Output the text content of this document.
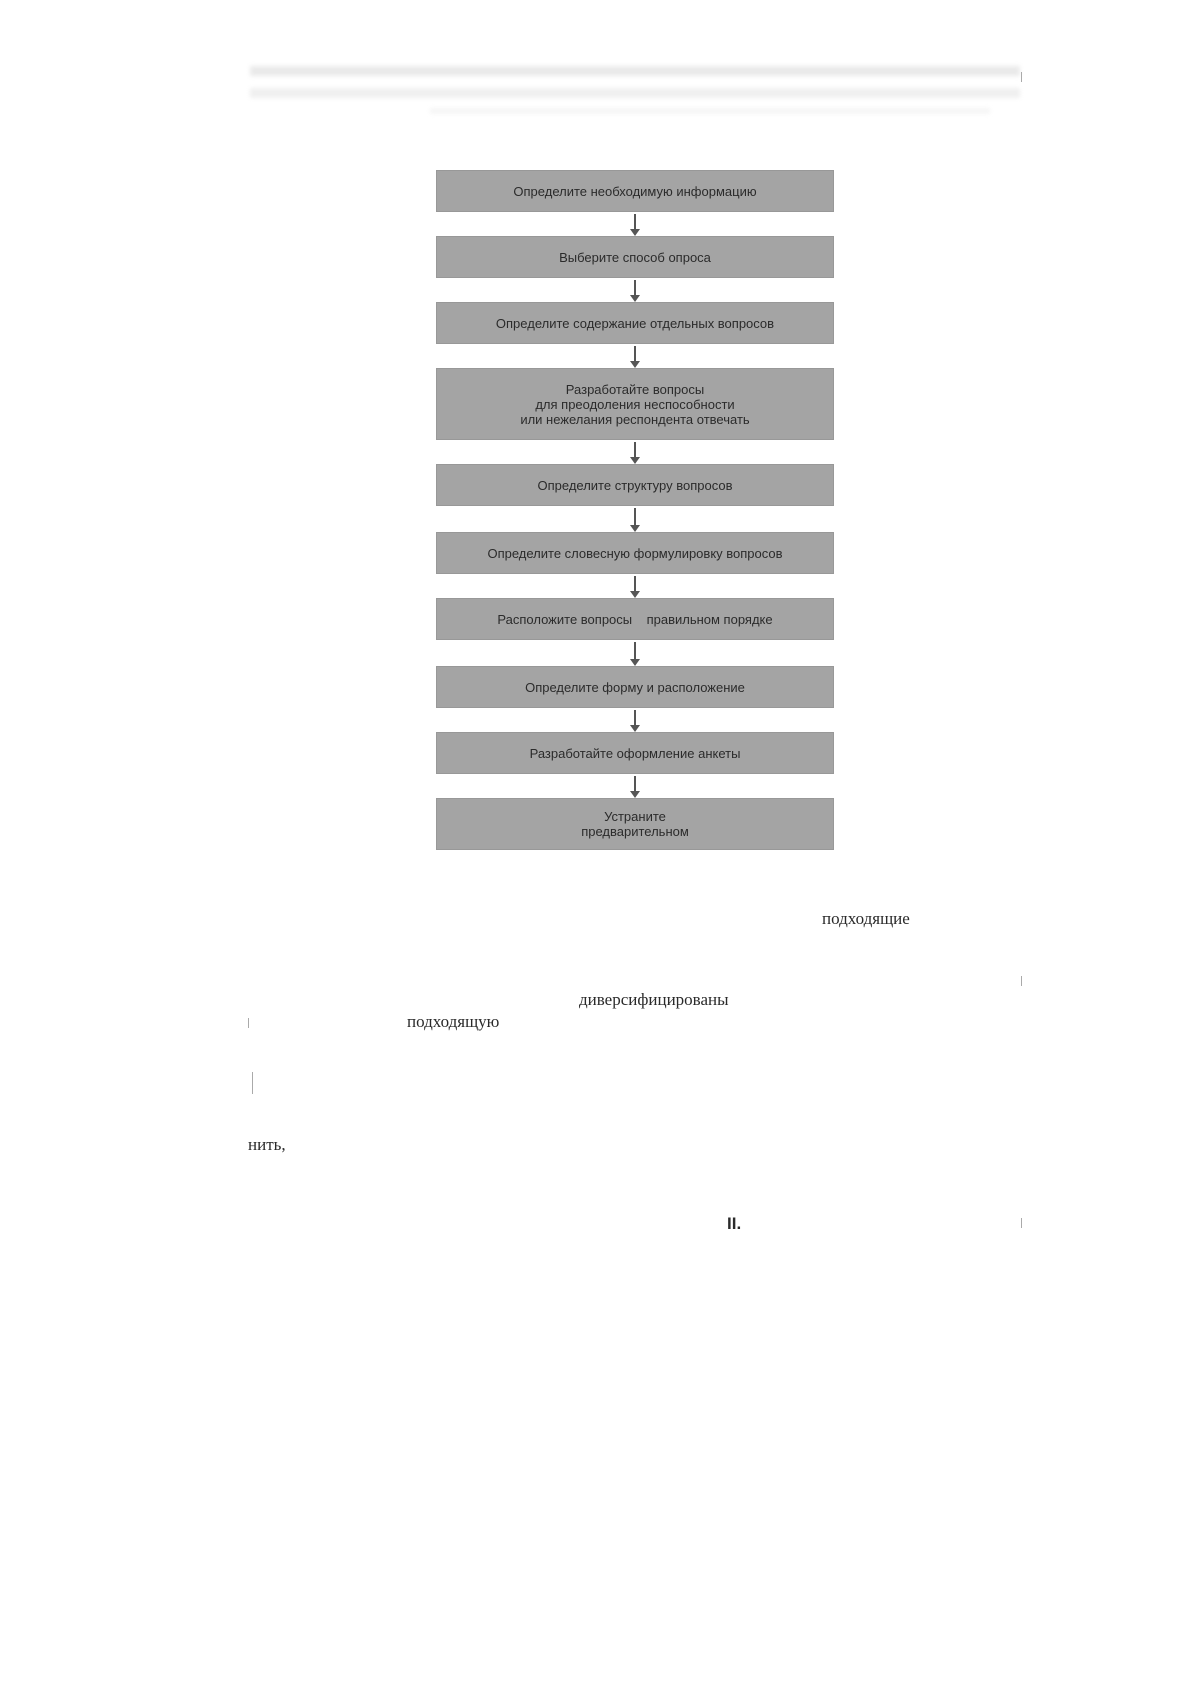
Определите необходимую информацию
Выберите способ опроса
Определите содержание отдельных вопросов
Разработайте вопросы
для преодоления неспособности
или нежелания респондента отвечать
Определите структуру вопросов
Определите словесную формулировку вопросов
Расположите вопросы    правильном порядке
Определите форму и расположение
Разработайте оформление анкеты
Устраните
предварительном
подходящие
диверсифицированы
подходящую
нить,
II.
